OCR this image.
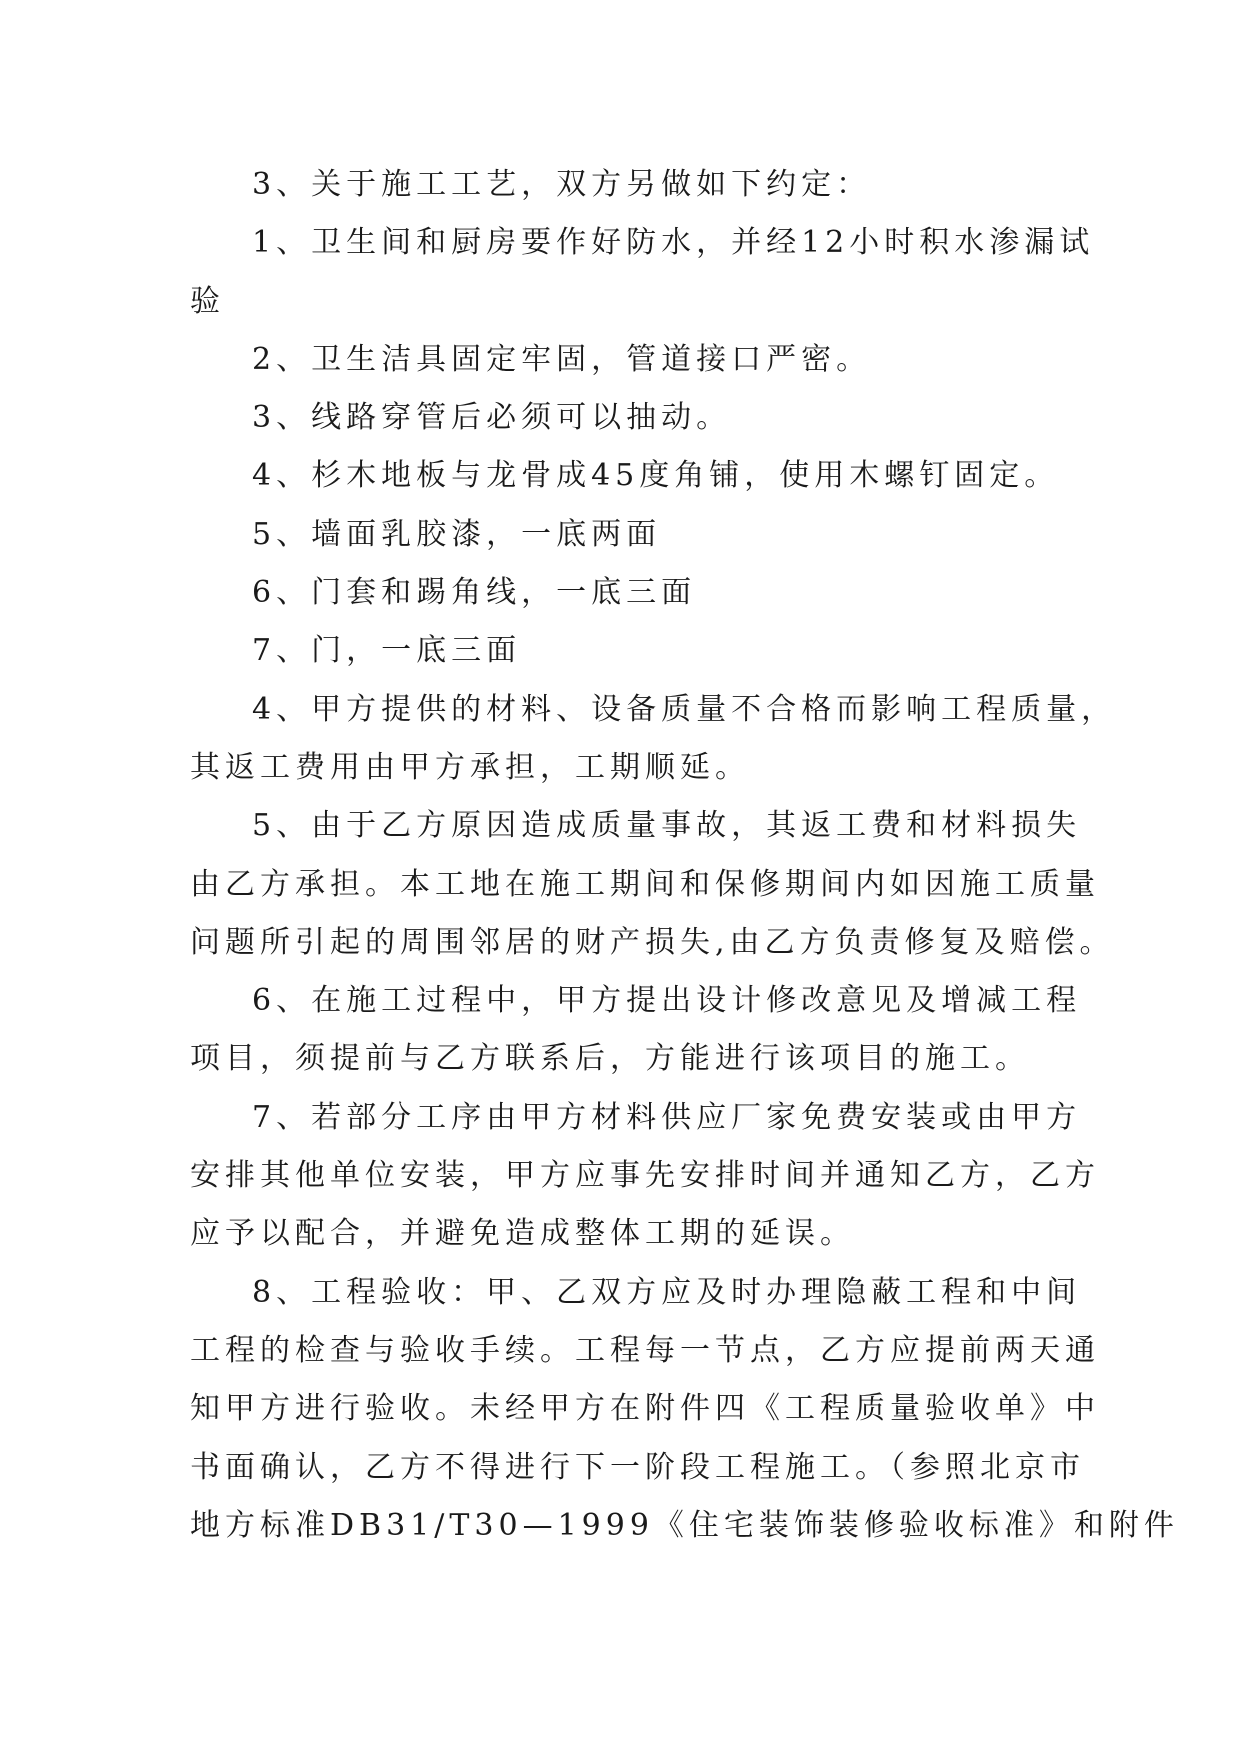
3、关于施工工艺，双方另做如下约定：
1、卫生间和厨房要作好防水，并经12小时积水渗漏试
验
2、卫生洁具固定牢固，管道接口严密。
3、线路穿管后必须可以抽动。
4、杉木地板与龙骨成45度角铺，使用木螺钉固定。
5、墙面乳胶漆，一底两面
6、门套和踢角线，一底三面
7、门，一底三面
4、甲方提供的材料、设备质量不合格而影响工程质量，
其返工费用由甲方承担，工期顺延。
5、由于乙方原因造成质量事故，其返工费和材料损失
由乙方承担。本工地在施工期间和保修期间内如因施工质量
问题所引起的周围邻居的财产损失,由乙方负责修复及赔偿。
6、在施工过程中，甲方提出设计修改意见及增减工程
项目，须提前与乙方联系后，方能进行该项目的施工。
7、若部分工序由甲方材料供应厂家免费安装或由甲方
安排其他单位安装，甲方应事先安排时间并通知乙方，乙方
应予以配合，并避免造成整体工期的延误。
8、工程验收：甲、乙双方应及时办理隐蔽工程和中间
工程的检查与验收手续。工程每一节点，乙方应提前两天通
知甲方进行验收。未经甲方在附件四《工程质量验收单》中
书面确认，乙方不得进行下一阶段工程施工。（参照北京市
地方标准DB31/T30—1999《住宅装饰装修验收标准》和附件
